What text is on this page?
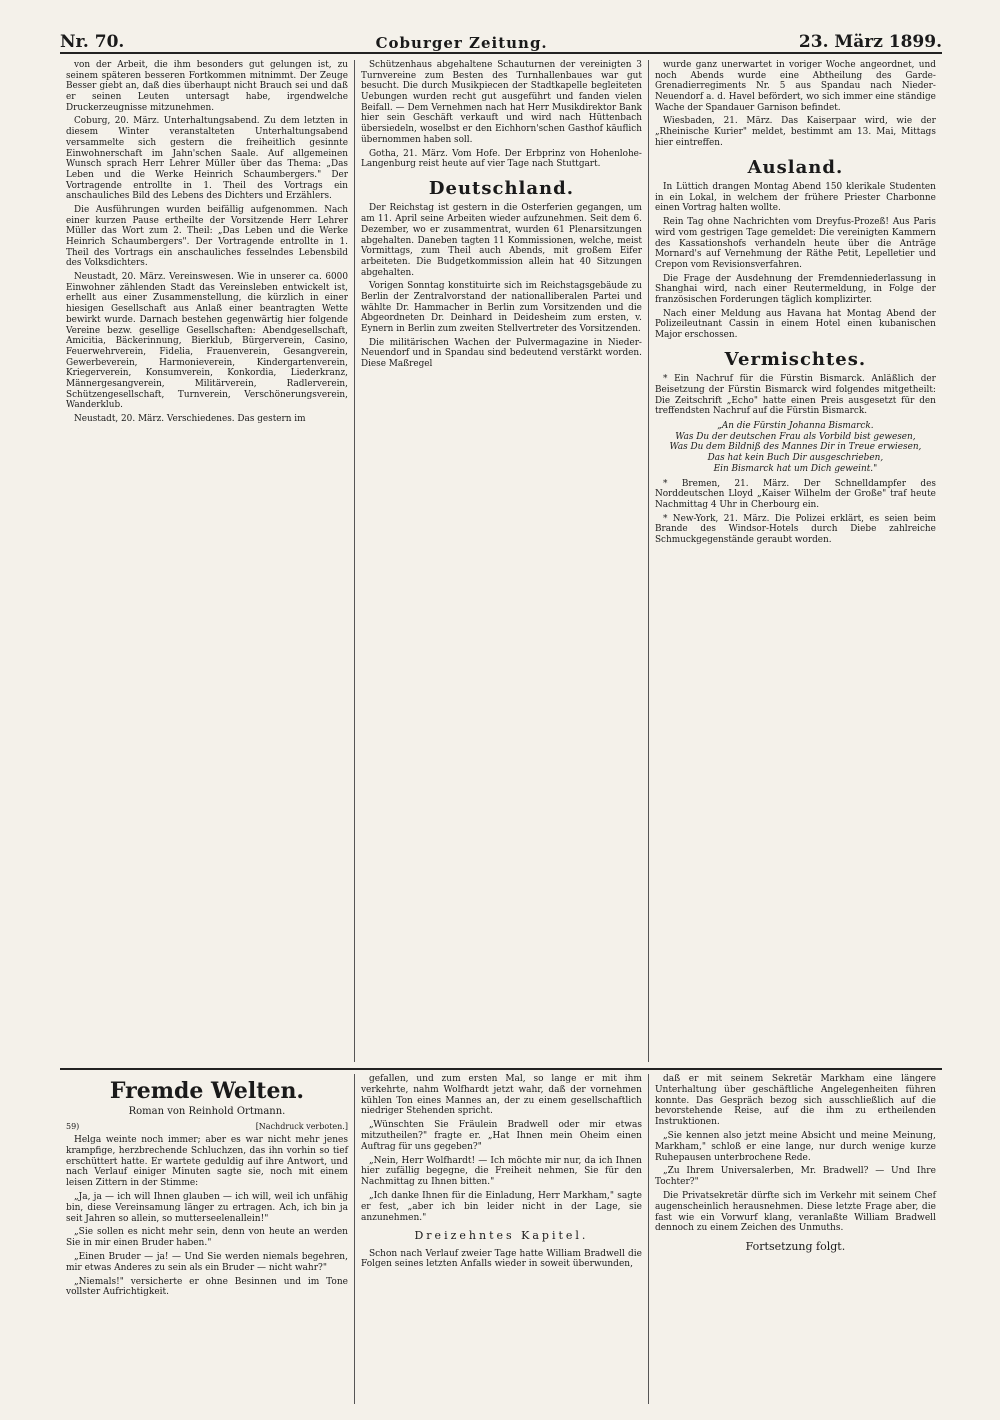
Nr. 70.	Coburger Zeitung.	23. März 1899.

von der Arbeit, die ihm besonders gut gelungen ist, zu seinem späteren besseren Fortkommen mitnimmt. Der Zeuge Besser giebt an, daß dies überhaupt nicht Brauch sei und daß er seinen Leuten untersagt habe, irgendwelche Druckerzeugnisse mitzunehmen.

Coburg, 20. März. Unterhaltungsabend. Zu dem letzten in diesem Winter veranstalteten Unterhaltungsabend versammelte sich gestern die freiheitlich gesinnte Einwohnerschaft im Jahn'schen Saale. Auf allgemeinen Wunsch sprach Herr Lehrer Müller über das Thema: „Das Leben und die Werke Heinrich Schaumbergers." Der Vortragende entrollte in 1. Theil des Vortrags ein anschauliches Bild des Lebens des Dichters und Erzählers.

Die Ausführungen wurden beifällig aufgenommen. Nach einer kurzen Pause ertheilte der Vorsitzende Herr Lehrer Müller das Wort zum 2. Theil: „Das Leben und die Werke Heinrich Schaumbergers". Der Vortragende entrollte in 1. Theil des Vortrags ein anschauliches fesselndes Lebensbild des Volksdichters.

Neustadt, 20. März. Vereinswesen. Wie in unserer ca. 6000 Einwohner zählenden Stadt das Vereinsleben entwickelt ist, erhellt aus einer Zusammenstellung, die kürzlich in einer hiesigen Gesellschaft aus Anlaß einer beantragten Wette bewirkt wurde. Darnach bestehen gegenwärtig hier folgende Vereine bezw. gesellige Gesellschaften: Abendgesellschaft, Amicitia, Bäckerinnung, Bierklub, Bürgerverein, Casino, Feuerwehrverein, Fidelia, Frauenverein, Gesangverein, Gewerbeverein, Harmonieverein, Kindergartenverein, Kriegerverein, Konsumverein, Konkordia, Liederkranz, Männergesangverein, Militärverein, Radlerverein, Schützengesellschaft, Turnverein, Verschönerungsverein, Wanderklub.

Neustadt, 20. März. Verschiedenes. Das gestern im

Schützenhaus abgehaltene Schauturnen der vereinigten 3 Turnvereine zum Besten des Turnhallenbaues war gut besucht. Die durch Musikpiecen der Stadtkapelle begleiteten Uebungen wurden recht gut ausgeführt und fanden vielen Beifall. — Dem Vernehmen nach hat Herr Musikdirektor Bank hier sein Geschäft verkauft und wird nach Hüttenbach übersiedeln, woselbst er den Eichhorn'schen Gasthof käuflich übernommen haben soll.

Gotha, 21. März. Vom Hofe. Der Erbprinz von Hohenlohe-Langenburg reist heute auf vier Tage nach Stuttgart.

Deutschland.

Der Reichstag ist gestern in die Osterferien gegangen, um am 11. April seine Arbeiten wieder aufzunehmen. Seit dem 6. Dezember, wo er zusammentrat, wurden 61 Plenarsitzungen abgehalten. Daneben tagten 11 Kommissionen, welche, meist Vormittags, zum Theil auch Abends, mit großem Eifer arbeiteten. Die Budgetkommission allein hat 40 Sitzungen abgehalten.

Vorigen Sonntag konstituirte sich im Reichstagsgebäude zu Berlin der Zentralvorstand der nationalliberalen Partei und wählte Dr. Hammacher in Berlin zum Vorsitzenden und die Abgeordneten Dr. Deinhard in Deidesheim zum ersten, v. Eynern in Berlin zum zweiten Stellvertreter des Vorsitzenden.

Die militärischen Wachen der Pulvermagazine in Nieder-Neuendorf und in Spandau sind bedeutend verstärkt worden. Diese Maßregel

wurde ganz unerwartet in voriger Woche angeordnet, und noch Abends wurde eine Abtheilung des Garde-Grenadierregiments Nr. 5 aus Spandau nach Nieder-Neuendorf a. d. Havel befördert, wo sich immer eine ständige Wache der Spandauer Garnison befindet.

Wiesbaden, 21. März. Das Kaiserpaar wird, wie der „Rheinische Kurier" meldet, bestimmt am 13. Mai, Mittags hier eintreffen.

Ausland.

In Lüttich drangen Montag Abend 150 klerikale Studenten in ein Lokal, in welchem der frühere Priester Charbonne einen Vortrag halten wollte.

Rein Tag ohne Nachrichten vom Dreyfus-Prozeß! Aus Paris wird vom gestrigen Tage gemeldet: Die vereinigten Kammern des Kassationshofs verhandeln heute über die Anträge Mornard's auf Vernehmung der Räthe Petit, Lepelletier und Crepon vom Revisionsverfahren.

Die Frage der Ausdehnung der Fremdenniederlassung in Shanghai wird, nach einer Reutermeldung, in Folge der französischen Forderungen täglich komplizirter.

Nach einer Meldung aus Havana hat Montag Abend der Polizeileutnant Cassin in einem Hotel einen kubanischen Major erschossen.

Vermischtes.

* Ein Nachruf für die Fürstin Bismarck. Anläßlich der Beisetzung der Fürstin Bismarck wird folgendes mitgetheilt: Die Zeitschrift „Echo" hatte einen Preis ausgesetzt für den treffendsten Nachruf auf die Fürstin Bismarck.

„An die Fürstin Johanna Bismarck.
Was Du der deutschen Frau als Vorbild bist gewesen,
Was Du dem Bildniß des Mannes Dir in Treue erwiesen,
Das hat kein Buch Dir ausgeschrieben,
Ein Bismarck hat um Dich geweint."

* Bremen, 21. März. Der Schnelldampfer des Norddeutschen Lloyd „Kaiser Wilhelm der Große" traf heute Nachmittag 4 Uhr in Cherbourg ein.

* New-York, 21. März. Die Polizei erklärt, es seien beim Brande des Windsor-Hotels durch Diebe zahlreiche Schmuckgegenstände geraubt worden.

Fremde Welten.
Roman von Reinhold Ortmann.
59)	[Nachdruck verboten.]

Helga weinte noch immer; aber es war nicht mehr jenes krampfige, herzbrechende Schluchzen, das ihn vorhin so tief erschüttert hatte. Er wartete geduldig auf ihre Antwort, und nach Verlauf einiger Minuten sagte sie, noch mit einem leisen Zittern in der Stimme:

„Ja, ja — ich will Ihnen glauben — ich will, weil ich unfähig bin, diese Vereinsamung länger zu ertragen. Ach, ich bin ja seit Jahren so allein, so mutterseelenallein!"

„Sie sollen es nicht mehr sein, denn von heute an werden Sie in mir einen Bruder haben."

„Einen Bruder — ja! — Und Sie werden niemals begehren, mir etwas Anderes zu sein als ein Bruder — nicht wahr?"

„Niemals!" versicherte er ohne Besinnen und im Tone vollster Aufrichtigkeit.

gefallen, und zum ersten Mal, so lange er mit ihm verkehrte, nahm Wolfhardt jetzt wahr, daß der vornehmen kühlen Ton eines Mannes an, der zu einem gesellschaftlich niedriger Stehenden spricht.

„Wünschten Sie Fräulein Bradwell oder mir etwas mitzutheilen?" fragte er. „Hat Ihnen mein Oheim einen Auftrag für uns gegeben?"

„Nein, Herr Wolfhardt! — Ich möchte mir nur, da ich Ihnen hier zufällig begegne, die Freiheit nehmen, Sie für den Nachmittag zu Ihnen bitten."

„Ich danke Ihnen für die Einladung, Herr Markham," sagte er fest, „aber ich bin leider nicht in der Lage, sie anzunehmen."

Dreizehntes Kapitel.

Schon nach Verlauf zweier Tage hatte William Bradwell die Folgen seines letzten Anfalls wieder in soweit überwunden,

daß er mit seinem Sekretär Markham eine längere Unterhaltung über geschäftliche Angelegenheiten führen konnte. Das Gespräch bezog sich ausschließlich auf die bevorstehende Reise, auf die ihm zu ertheilenden Instruktionen.

„Sie kennen also jetzt meine Absicht und meine Meinung, Markham," schloß er eine lange, nur durch wenige kurze Ruhepausen unterbrochene Rede.

„Zu Ihrem Universalerben, Mr. Bradwell? — Und Ihre Tochter?"

Die Privatsekretär dürfte sich im Verkehr mit seinem Chef augenscheinlich herausnehmen. Diese letzte Frage aber, die fast wie ein Vorwurf klang, veranlaßte William Bradwell dennoch zu einem Zeichen des Unmuths.

Fortsetzung folgt.
